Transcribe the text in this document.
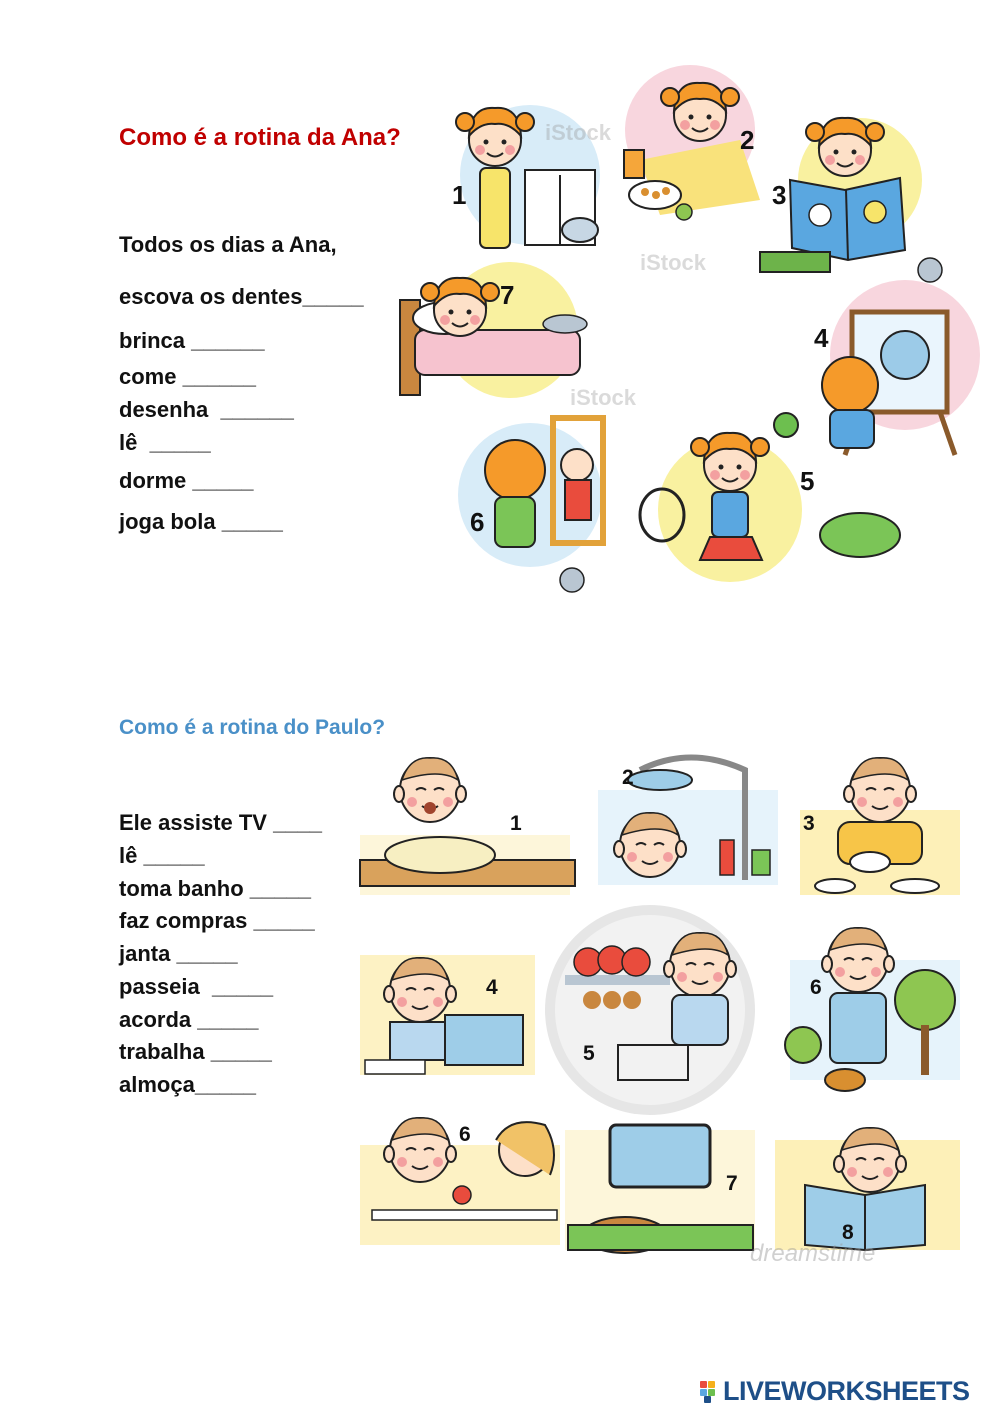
Como é a rotina da Ana?
Todos os dias a Ana,
escova os dentes_____
brinca ______
come ______
desenha  ______
lê  _____
dorme _____
joga bola _____
iStock
iStock
iStock
dreamstime
1
2
3
4
5
6
7
Como é a rotina do Paulo?
Ele assiste TV ____
lê _____
toma banho _____
faz compras _____
janta _____
passeia  _____
acorda _____
trabalha _____
almoça_____
1
2
3
4
5
6
6
7
8
LIVEWORKSHEETS
